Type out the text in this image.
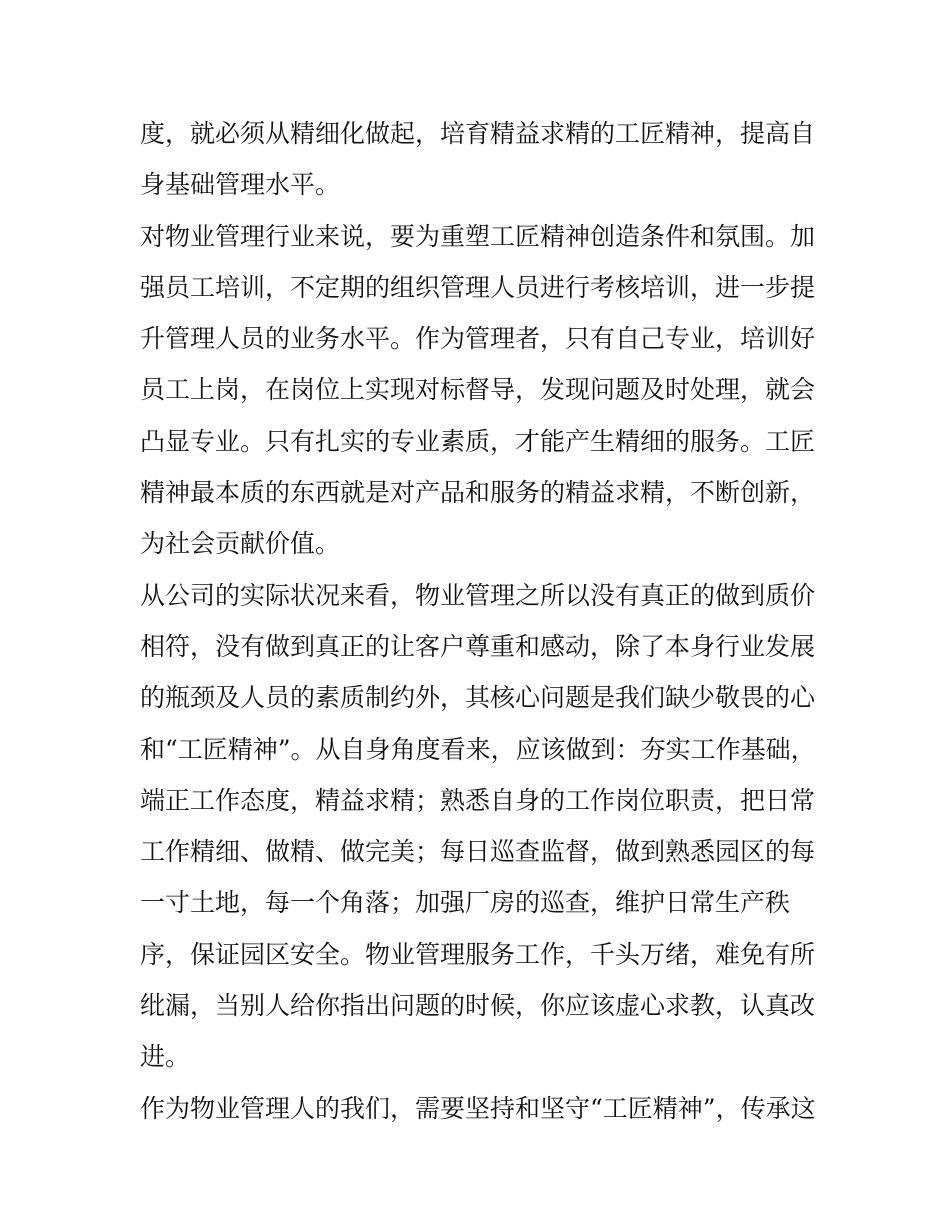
度，就必须从精细化做起，培育精益求精的工匠精神，提高自
身基础管理水平。
对物业管理行业来说，要为重塑工匠精神创造条件和氛围。加
强员工培训，不定期的组织管理人员进行考核培训，进一步提
升管理人员的业务水平。作为管理者，只有自己专业，培训好
员工上岗，在岗位上实现对标督导，发现问题及时处理，就会
凸显专业。只有扎实的专业素质，才能产生精细的服务。工匠
精神最本质的东西就是对产品和服务的精益求精，不断创新，
为社会贡献价值。
从公司的实际状况来看，物业管理之所以没有真正的做到质价
相符，没有做到真正的让客户尊重和感动，除了本身行业发展
的瓶颈及人员的素质制约外，其核心问题是我们缺少敬畏的心
和“工匠精神”。从自身角度看来，应该做到：夯实工作基础，
端正工作态度，精益求精；熟悉自身的工作岗位职责，把日常
工作精细、做精、做完美；每日巡查监督，做到熟悉园区的每
一寸土地，每一个角落；加强厂房的巡查，维护日常生产秩
序，保证园区安全。物业管理服务工作，千头万绪，难免有所
纰漏，当别人给你指出问题的时候，你应该虚心求教，认真改
进。
作为物业管理人的我们，需要坚持和坚守“工匠精神”，传承这
